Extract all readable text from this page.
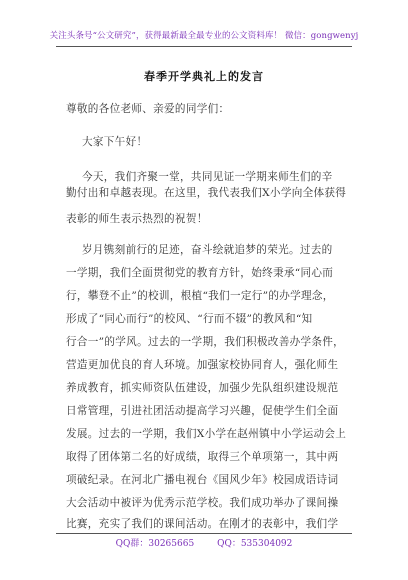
关注头条号“公文研究”，获得最新最全最专业的公文资料库！ 微信：gongwenyj
春季开学典礼上的发言
尊敬的各位老师、亲爱的同学们：
大家下午好！
今天，我们齐聚一堂，共同见证一学期来师生们的辛
勤付出和卓越表现。在这里，我代表我们X小学向全体获得
表彰的师生表示热烈的祝贺！
岁月镌刻前行的足迹，奋斗绘就追梦的荣光。过去的
一学期，我们全面贯彻党的教育方针，始终秉承“同心而
行，攀登不止”的校训，根植“我们一定行”的办学理念，
形成了“同心而行”的校风、“行而不辍”的教风和“知
行合一”的学风。过去的一学期，我们积极改善办学条件，
营造更加优良的育人环境。加强家校协同育人，强化师生
养成教育，抓实师资队伍建设，加强少先队组织建设规范
日常管理，引进社团活动提高学习兴趣，促使学生们全面
发展。过去的一学期，我们X小学在赵州镇中小学运动会上
取得了团体第二名的好成绩，取得三个单项第一，其中两
项破纪录。在河北广播电视台《国风少年》校园成语诗词
大会活动中被评为优秀示范学校。我们成功举办了课间操
QQ群：30265665	QQ：535304092
比赛，充实了我们的课间活动。在刚才的表彰中，我们学
